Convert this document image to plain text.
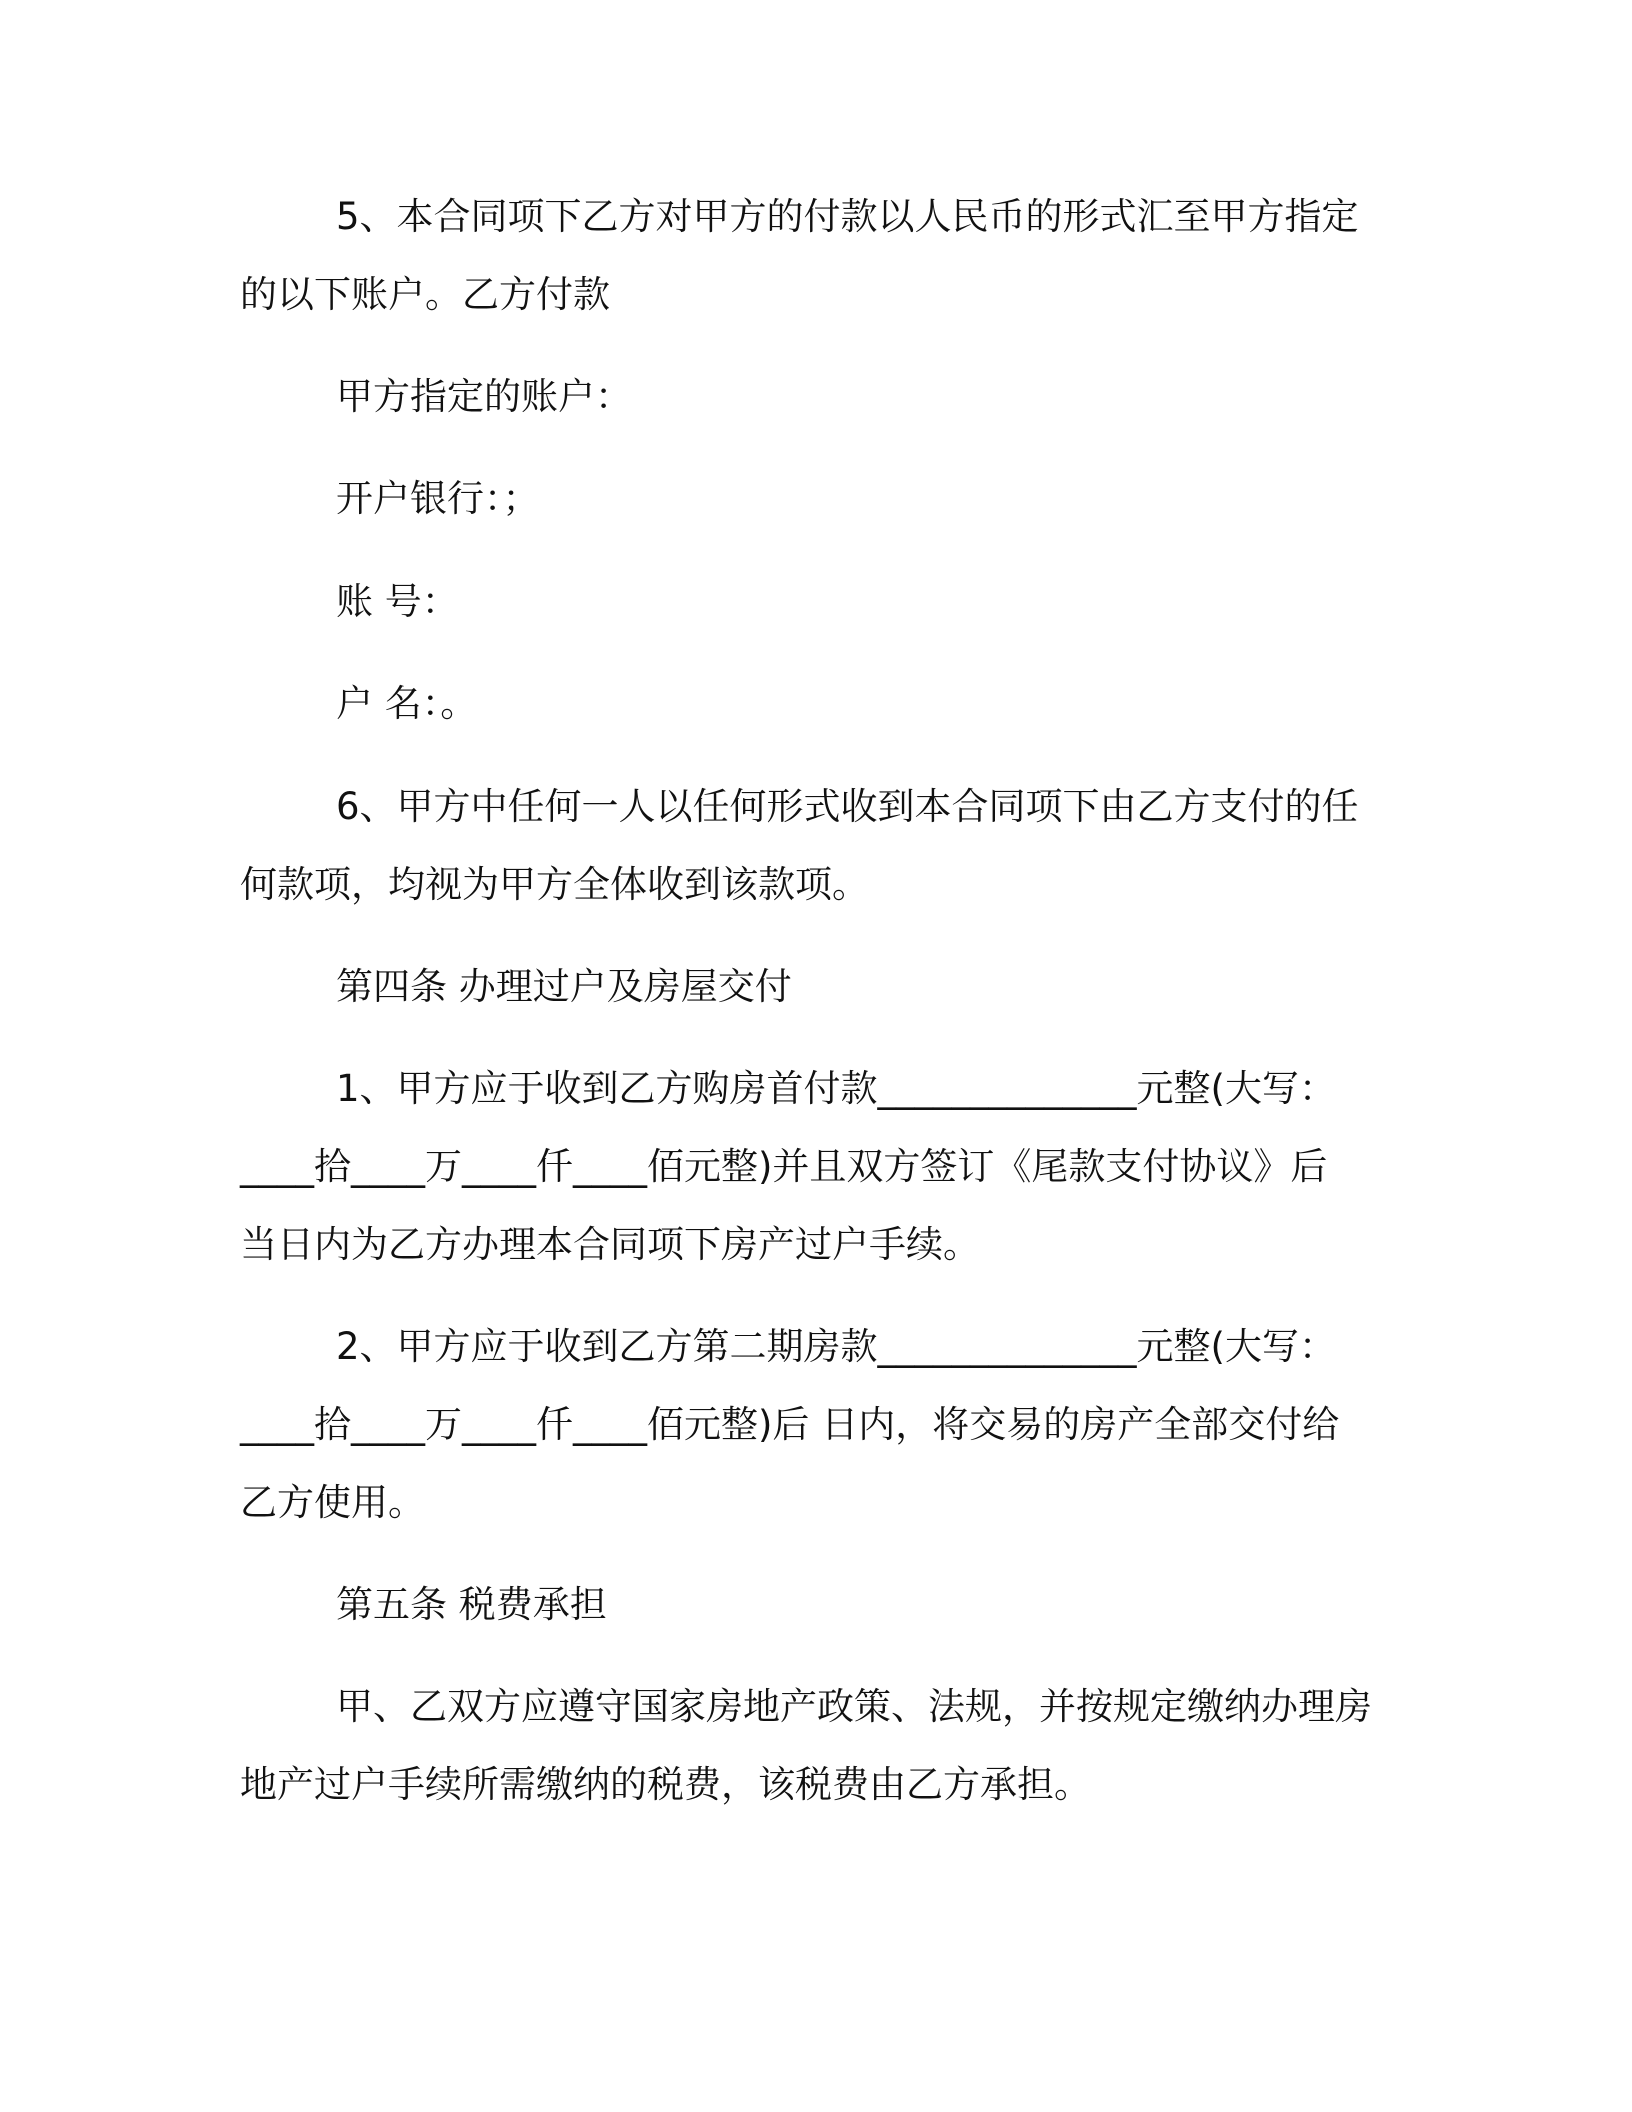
5、本合同项下乙方对甲方的付款以人民币的形式汇至甲方指定
的以下账户。乙方付款
甲方指定的账户：
开户银行：；
账 号：
户 名：。
6、甲方中任何一人以任何形式收到本合同项下由乙方支付的任
何款项，均视为甲方全体收到该款项。
第四条 办理过户及房屋交付
1、甲方应于收到乙方购房首付款______________元整(大写：
____拾____万____仟____佰元整)并且双方签订《尾款支付协议》后
当日内为乙方办理本合同项下房产过户手续。
2、甲方应于收到乙方第二期房款______________元整(大写：
____拾____万____仟____佰元整)后 日内，将交易的房产全部交付给
乙方使用。
第五条 税费承担
甲、乙双方应遵守国家房地产政策、法规，并按规定缴纳办理房
地产过户手续所需缴纳的税费，该税费由乙方承担。
